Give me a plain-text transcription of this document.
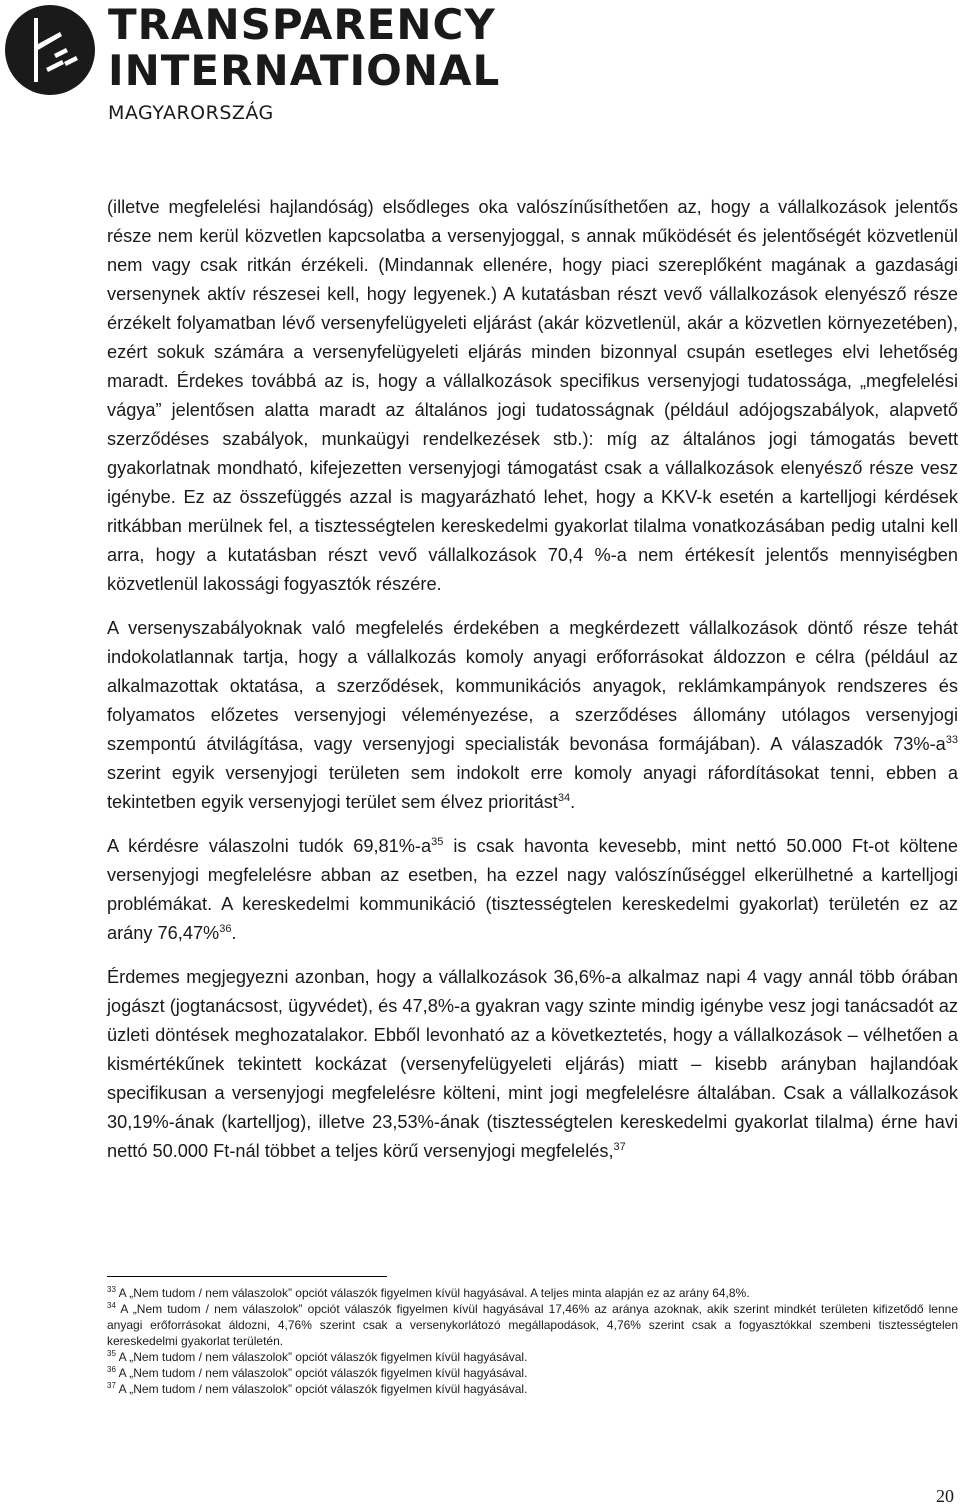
TRANSPARENCY
INTERNATIONAL
MAGYARORSZÁG

(illetve megfelelési hajlandóság) elsődleges oka valószínűsíthetően az, hogy a vállalkozások jelentős része nem kerül közvetlen kapcsolatba a versenyjoggal, s annak működését és jelentőségét közvetlenül nem vagy csak ritkán érzékeli. (Mindannak ellenére, hogy piaci szereplőként magának a gazdasági versenynek aktív részesei kell, hogy legyenek.) A kutatásban részt vevő vállalkozások elenyésző része érzékelt folyamatban lévő versenyfelügyeleti eljárást (akár közvetlenül, akár a közvetlen környezetében), ezért sokuk számára a versenyfelügyeleti eljárás minden bizonnyal csupán esetleges elvi lehetőség maradt. Érdekes továbbá az is, hogy a vállalkozások specifikus versenyjogi tudatossága, „megfelelési vágya” jelentősen alatta maradt az általános jogi tudatosságnak (például adójogszabályok, alapvető szerződéses szabályok, munkaügyi rendelkezések stb.): míg az általános jogi támogatás bevett gyakorlatnak mondható, kifejezetten versenyjogi támogatást csak a vállalkozások elenyésző része vesz igénybe. Ez az összefüggés azzal is magyarázható lehet, hogy a KKV-k esetén a kartelljogi kérdések ritkábban merülnek fel, a tisztességtelen kereskedelmi gyakorlat tilalma vonatkozásában pedig utalni kell arra, hogy a kutatásban részt vevő vállalkozások 70,4 %-a nem értékesít jelentős mennyiségben közvetlenül lakossági fogyasztók részére.

A versenyszabályoknak való megfelelés érdekében a megkérdezett vállalkozások döntő része tehát indokolatlannak tartja, hogy a vállalkozás komoly anyagi erőforrásokat áldozzon e célra (például az alkalmazottak oktatása, a szerződések, kommunikációs anyagok, reklámkampányok rendszeres és folyamatos előzetes versenyjogi véleményezése, a szerződéses állomány utólagos versenyjogi szempontú átvilágítása, vagy versenyjogi specialisták bevonása formájában). A válaszadók $73\%-a^{33}$ szerint egyik versenyjogi területen sem indokolt erre komoly anyagi ráfordításokat tenni, ebben a tekintetben egyik versenyjogi terület sem élvez prioritást$^{34}$.

A kérdésre válaszolni tudók $69,81\%-a^{35}$ is csak havonta kevesebb, mint nettó 50.000 Ft-ot költene versenyjogi megfelelésre abban az esetben, ha ezzel nagy valószínűséggel elkerülhetné a kartelljogi problémákat. A kereskedelmi kommunikáció (tisztességtelen kereskedelmi gyakorlat) területén ez az arány 76,47%$^{36}$.

Érdemes megjegyezni azonban, hogy a vállalkozások 36,6%-a alkalmaz napi 4 vagy annál több órában jogászt (jogtanácsost, ügyvédet), és 47,8%-a gyakran vagy szinte mindig igénybe vesz jogi tanácsadót az üzleti döntések meghozatalakor. Ebből levonható az a következtetés, hogy a vállalkozások – vélhetően a kismértékűnek tekintett kockázat (versenyfelügyeleti eljárás) miatt – kisebb arányban hajlandóak specifikusan a versenyjogi megfelelésre költeni, mint jogi megfelelésre általában. Csak a vállalkozások 30,19%-ának (kartelljog), illetve 23,53%-ának (tisztességtelen kereskedelmi gyakorlat tilalma) érne havi nettó 50.000 Ft-nál többet a teljes körű versenyjogi megfelelés,$^{37}$

$^{33}$ A „Nem tudom / nem válaszolok” opciót válaszók figyelmen kívül hagyásával. A teljes minta alapján ez az arány 64,8%.

$^{34}$ A „Nem tudom / nem válaszolok” opciót válaszók figyelmen kívül hagyásával 17,46% az aránya azoknak, akik szerint mindkét területen kifizetődő lenne anyagi erőforrásokat áldozni, 4,76% szerint csak a versenykorlátozó megállapodások, 4,76% szerint csak a fogyasztókkal szembeni tisztességtelen kereskedelmi gyakorlat területén.

$^{35}$ A „Nem tudom / nem válaszolok” opciót válaszók figyelmen kívül hagyásával.

$^{36}$ A „Nem tudom / nem válaszolok” opciót válaszók figyelmen kívül hagyásával.

$^{37}$ A „Nem tudom / nem válaszolok” opciót válaszók figyelmen kívül hagyásával.

20
